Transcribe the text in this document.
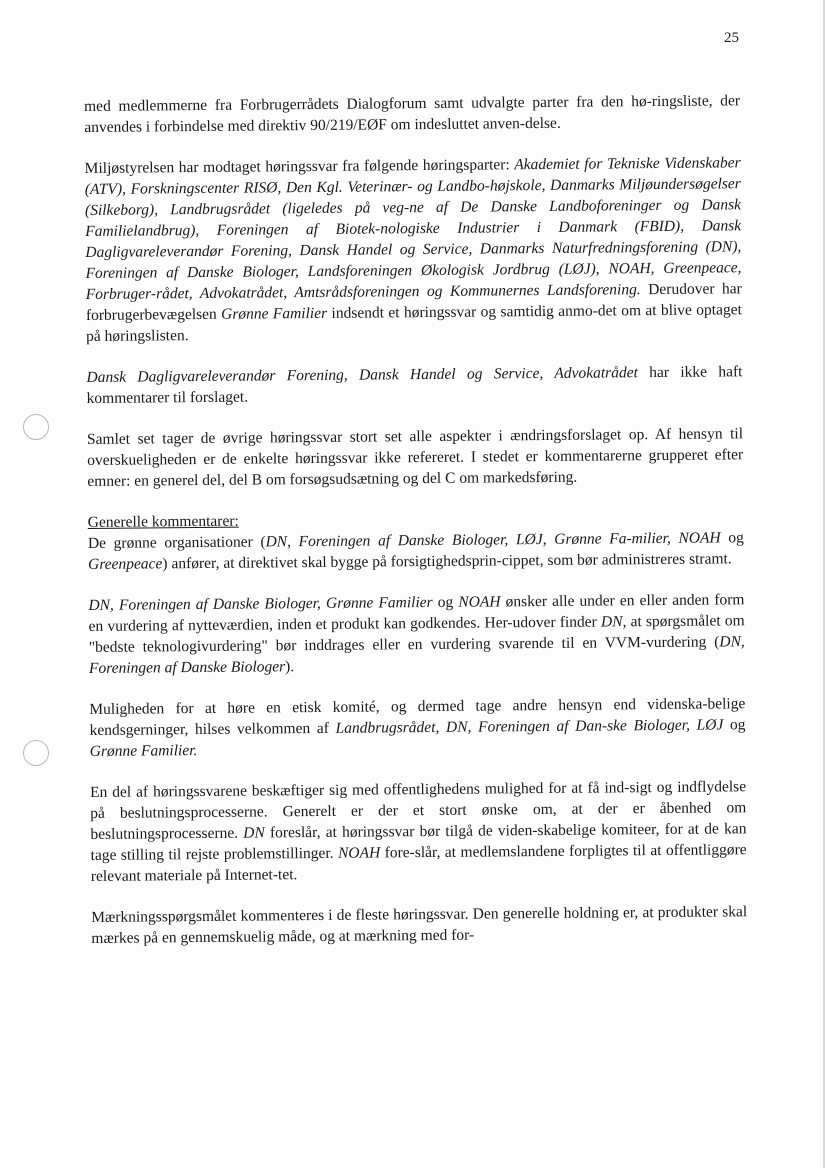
25

med medlemmerne fra Forbrugerrådets Dialogforum samt udvalgte parter fra den hø-ringsliste, der anvendes i forbindelse med direktiv 90/219/EØF om indesluttet anven-delse.

Miljøstyrelsen har modtaget høringssvar fra følgende høringsparter: Akademiet for Tekniske Videnskaber (ATV), Forskningscenter RISØ, Den Kgl. Veterinær- og Landbo-højskole, Danmarks Miljøundersøgelser (Silkeborg), Landbrugsrådet (ligeledes på veg-ne af De Danske Landboforeninger og Dansk Familielandbrug), Foreningen af Biotek-nologiske Industrier i Danmark (FBID), Dansk Dagligvareleverandør Forening, Dansk Handel og Service, Danmarks Naturfredningsforening (DN), Foreningen af Danske Biologer, Landsforeningen Økologisk Jordbrug (LØJ), NOAH, Greenpeace, Forbruger-rådet, Advokatrådet, Amtsrådsforeningen og Kommunernes Landsforening. Derudover har forbrugerbevægelsen Grønne Familier indsendt et høringssvar og samtidig anmo-det om at blive optaget på høringslisten.

Dansk Dagligvareleverandør Forening, Dansk Handel og Service, Advokatrådet har ikke haft kommentarer til forslaget.

Samlet set tager de øvrige høringssvar stort set alle aspekter i ændringsforslaget op. Af hensyn til overskueligheden er de enkelte høringssvar ikke refereret. I stedet er kommentarerne grupperet efter emner: en generel del, del B om forsøgsudsætning og del C om markedsføring.

Generelle kommentarer:
De grønne organisationer (DN, Foreningen af Danske Biologer, LØJ, Grønne Fa-milier, NOAH og Greenpeace) anfører, at direktivet skal bygge på forsigtighedsprin-cippet, som bør administreres stramt.

DN, Foreningen af Danske Biologer, Grønne Familier og NOAH ønsker alle under en eller anden form en vurdering af nytteværdien, inden et produkt kan godkendes. Her-udover finder DN, at spørgsmålet om "bedste teknologivurdering" bør inddrages eller en vurdering svarende til en VVM-vurdering (DN, Foreningen af Danske Biologer).

Muligheden for at høre en etisk komité, og dermed tage andre hensyn end videnska-belige kendsgerninger, hilses velkommen af Landbrugsrådet, DN, Foreningen af Dan-ske Biologer, LØJ og Grønne Familier.

En del af høringssvarene beskæftiger sig med offentlighedens mulighed for at få ind-sigt og indflydelse på beslutningsprocesserne. Generelt er der et stort ønske om, at der er åbenhed om beslutningsprocesserne. DN foreslår, at høringssvar bør tilgå de viden-skabelige komiteer, for at de kan tage stilling til rejste problemstillinger. NOAH fore-slår, at medlemslandene forpligtes til at offentliggøre relevant materiale på Internet-tet.

Mærkningsspørgsmålet kommenteres i de fleste høringssvar. Den generelle holdning er, at produkter skal mærkes på en gennemskuelig måde, og at mærkning med for-
